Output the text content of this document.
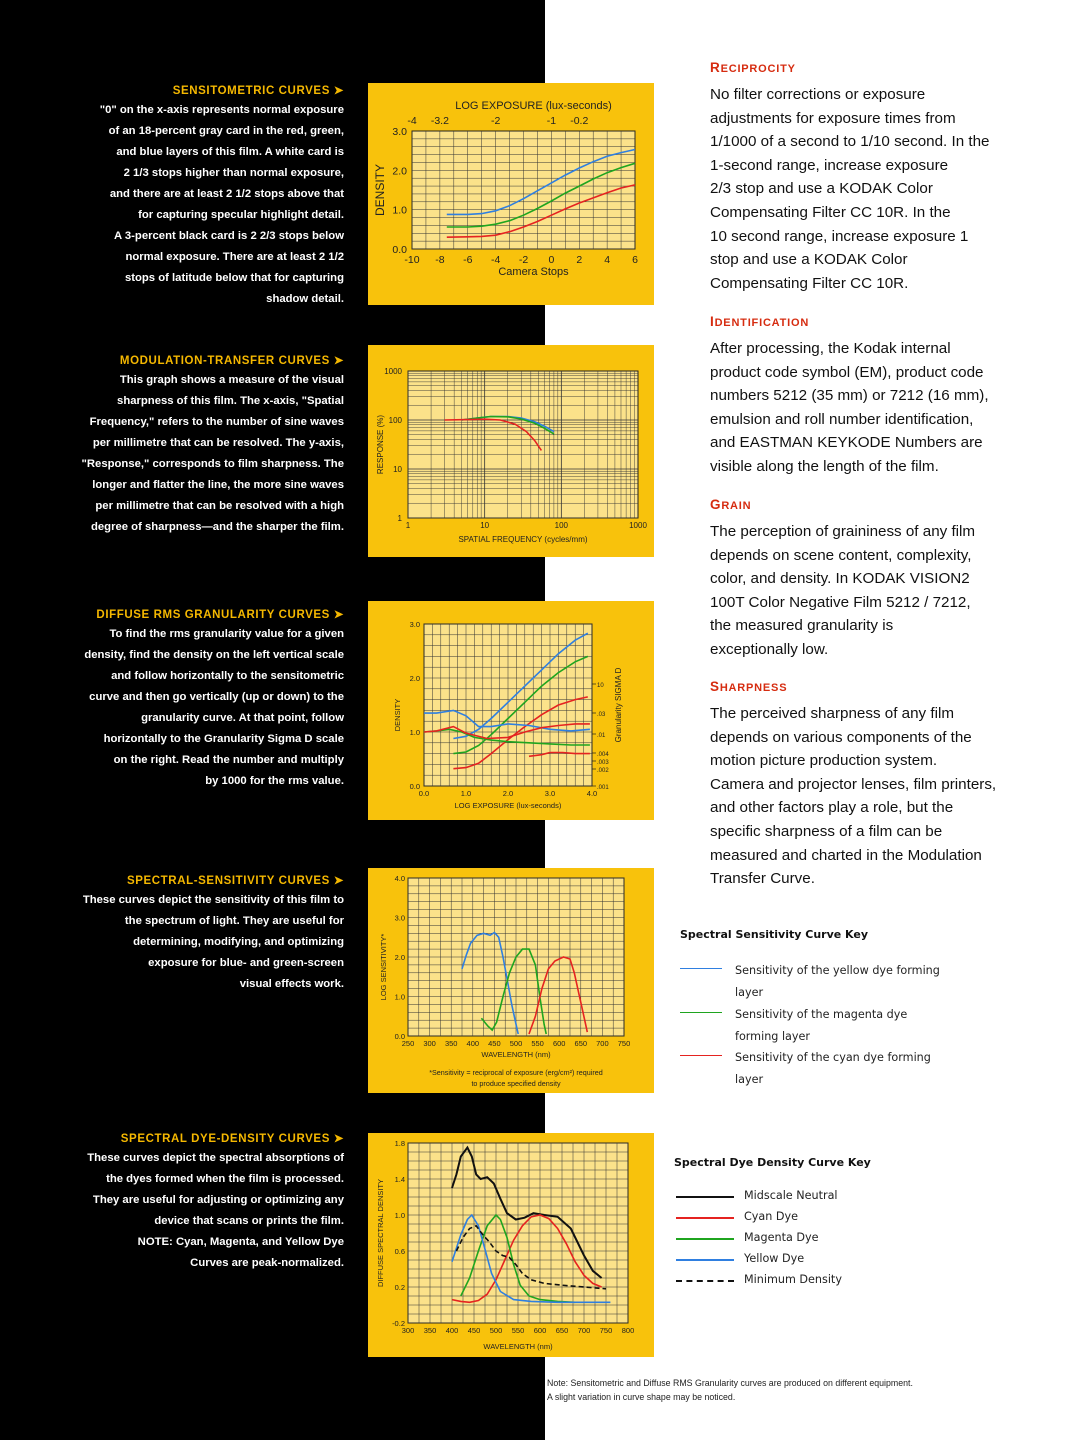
SENSITOMETRIC CURVES ➤

"0" on the x-axis represents normal exposure
of an 18-percent gray card in the red, green,
and blue layers of this film. A white card is
2 1/3 stops higher than normal exposure,
and there are at least 2 1/2 stops above that
for capturing specular highlight detail.
A 3-percent black card is 2 2/3 stops below
normal exposure. There are at least 2 1/2
stops of latitude below that for capturing
shadow detail.

MODULATION-TRANSFER CURVES ➤

This graph shows a measure of the visual
sharpness of this film. The x-axis, "Spatial
Frequency," refers to the number of sine waves
per millimetre that can be resolved. The y-axis,
"Response," corresponds to film sharpness. The
longer and flatter the line, the more sine waves
per millimetre that can be resolved with a high
degree of sharpness—and the sharper the film.

DIFFUSE RMS GRANULARITY CURVES ➤

To find the rms granularity value for a given
density, find the density on the left vertical scale
and follow horizontally to the sensitometric
curve and then go vertically (up or down) to the
granularity curve. At that point, follow
horizontally to the Granularity Sigma D scale
on the right. Read the number and multiply
by 1000 for the rms value.

SPECTRAL-SENSITIVITY CURVES ➤

These curves depict the sensitivity of this film to
the spectrum of light. They are useful for
determining, modifying, and optimizing
exposure for blue- and green-screen
visual effects work.

SPECTRAL DYE-DENSITY CURVES ➤

These curves depict the spectral absorptions of
the dyes formed when the film is processed.
They are useful for adjusting or optimizing any
device that scans or prints the film.
NOTE: Cyan, Magenta, and Yellow Dye
Curves are peak-normalized.

LOG EXPOSURE (lux-seconds)
-4 -3.2	-2	-1 -0.2
-10 -8 -6 -4 -2 0 2 4 6
Camera Stops
0.0
1.0
2.0
3.0
DENSITY
1	10	100	1000
SPATIAL FREQUENCY (cycles/mm)
1
10
100
1000
RESPONSE (%)
0.0	1.0	2.0	3.0	4.0
LOG EXPOSURE (lux-seconds)
0.0
1.0
2.0
3.0
DENSITY
10
.03
.01
.004
.003
.002
.001
Granularity SIGMA D
250 300 350 400 450 500 550 600 650 700 750
WAVELENGTH (nm)
0.0
1.0
2.0
3.0
4.0
LOG SENSITIVITY*
*Sensitivity = reciprocal of exposure (erg/cm²) required
to produce specified density
300 350 400 450 500 550 600 650 700 750 800
WAVELENGTH (nm)
-0.2
0.2
0.6
1.0
1.4
1.8
DIFFUSE SPECTRAL DENSITY

RECIPROCITY

No filter corrections or exposure
adjustments for exposure times from
1/1000 of a second to 1/10 second. In the
1-second range, increase exposure
2/3 stop and use a KODAK Color
Compensating Filter CC 10R. In the
10 second range, increase exposure 1
stop and use a KODAK Color
Compensating Filter CC 10R.

IDENTIFICATION

After processing, the Kodak internal
product code symbol (EM), product code
numbers 5212 (35 mm) or 7212 (16 mm),
emulsion and roll number identification,
and EASTMAN KEYKODE Numbers are
visible along the length of the film.

GRAIN

The perception of graininess of any film
depends on scene content, complexity,
color, and density. In KODAK VISION2
100T Color Negative Film 5212 / 7212,
the measured granularity is
exceptionally low.

SHARPNESS

The perceived sharpness of any film
depends on various components of the
motion picture production system.
Camera and projector lenses, film printers,
and other factors play a role, but the
specific sharpness of a film can be
measured and charted in the Modulation
Transfer Curve.

Spectral Sensitivity Curve Key
Sensitivity of the yellow dye forming layer
Sensitivity of the magenta dye forming layer
Sensitivity of the cyan dye forming layer
Spectral Dye Density Curve Key
Midscale Neutral
Cyan Dye
Magenta Dye
Yellow Dye
Minimum Density
Note: Sensitometric and Diffuse RMS Granularity curves are produced on different equipment.
A slight variation in curve shape may be noticed.
